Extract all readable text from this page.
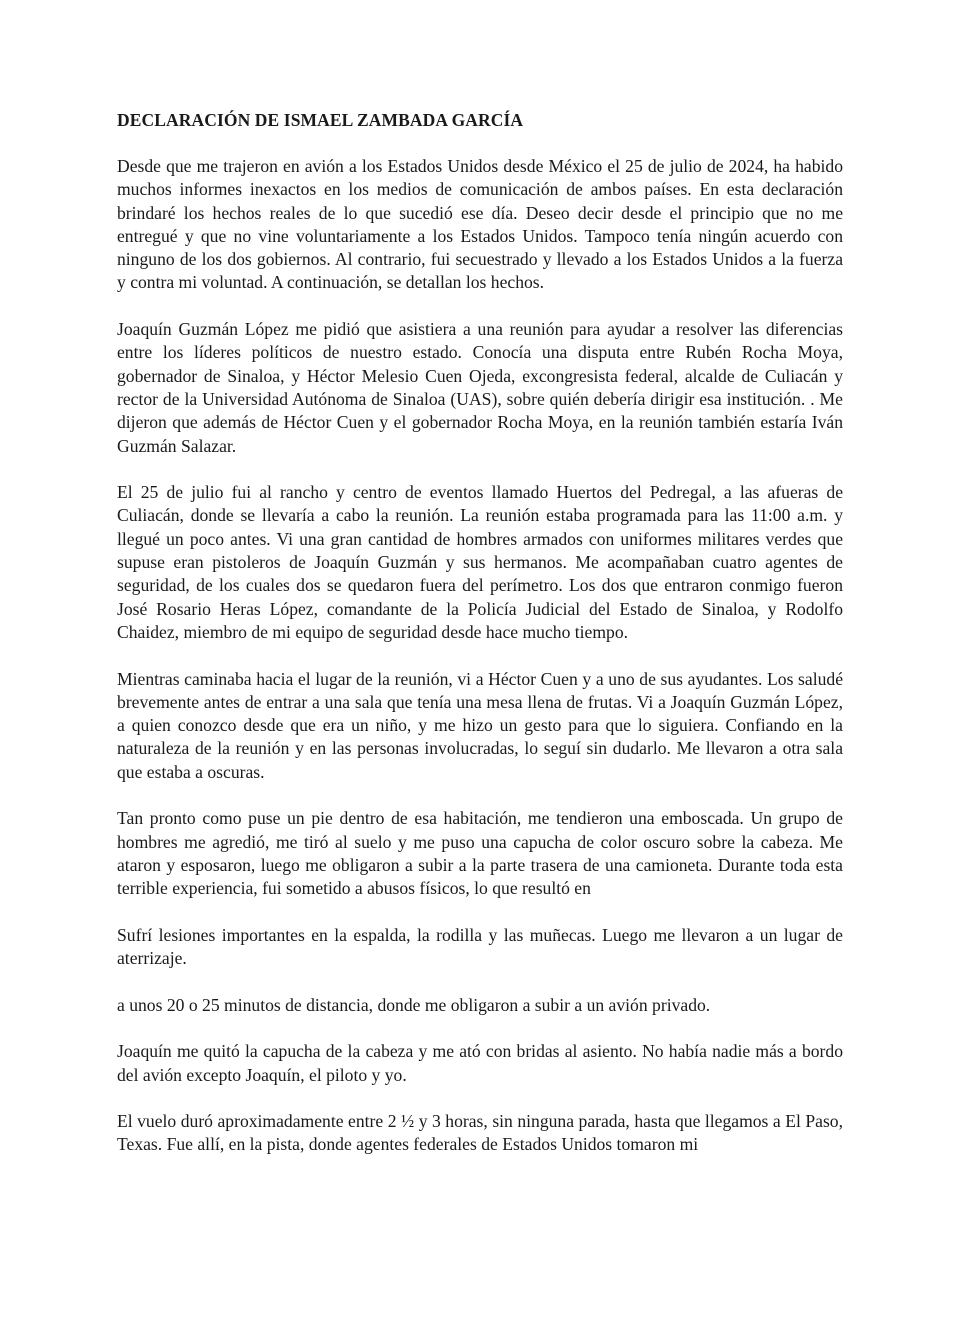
DECLARACIÓN DE ISMAEL ZAMBADA GARCÍA

Desde que me trajeron en avión a los Estados Unidos desde México el 25 de julio de 2024, ha habido muchos informes inexactos en los medios de comunicación de ambos países. En esta declaración brindaré los hechos reales de lo que sucedió ese día. Deseo decir desde el principio que no me entregué y que no vine voluntariamente a los Estados Unidos. Tampoco tenía ningún acuerdo con ninguno de los dos gobiernos. Al contrario, fui secuestrado y llevado a los Estados Unidos a la fuerza y contra mi voluntad. A continuación, se detallan los hechos.

Joaquín Guzmán López me pidió que asistiera a una reunión para ayudar a resolver las diferencias entre los líderes políticos de nuestro estado. Conocía una disputa entre Rubén Rocha Moya, gobernador de Sinaloa, y Héctor Melesio Cuen Ojeda, excongresista federal, alcalde de Culiacán y rector de la Universidad Autónoma de Sinaloa (UAS), sobre quién debería dirigir esa institución. . Me dijeron que además de Héctor Cuen y el gobernador Rocha Moya, en la reunión también estaría Iván Guzmán Salazar.

El 25 de julio fui al rancho y centro de eventos llamado Huertos del Pedregal, a las afueras de Culiacán, donde se llevaría a cabo la reunión. La reunión estaba programada para las 11:00 a.m. y llegué un poco antes. Vi una gran cantidad de hombres armados con uniformes militares verdes que supuse eran pistoleros de Joaquín Guzmán y sus hermanos. Me acompañaban cuatro agentes de seguridad, de los cuales dos se quedaron fuera del perímetro. Los dos que entraron conmigo fueron José Rosario Heras López, comandante de la Policía Judicial del Estado de Sinaloa, y Rodolfo Chaidez, miembro de mi equipo de seguridad desde hace mucho tiempo.

Mientras caminaba hacia el lugar de la reunión, vi a Héctor Cuen y a uno de sus ayudantes. Los saludé brevemente antes de entrar a una sala que tenía una mesa llena de frutas. Vi a Joaquín Guzmán López, a quien conozco desde que era un niño, y me hizo un gesto para que lo siguiera. Confiando en la naturaleza de la reunión y en las personas involucradas, lo seguí sin dudarlo. Me llevaron a otra sala que estaba a oscuras.

Tan pronto como puse un pie dentro de esa habitación, me tendieron una emboscada. Un grupo de hombres me agredió, me tiró al suelo y me puso una capucha de color oscuro sobre la cabeza. Me ataron y esposaron, luego me obligaron a subir a la parte trasera de una camioneta. Durante toda esta terrible experiencia, fui sometido a abusos físicos, lo que resultó en

Sufrí lesiones importantes en la espalda, la rodilla y las muñecas. Luego me llevaron a un lugar de aterrizaje.

a unos 20 o 25 minutos de distancia, donde me obligaron a subir a un avión privado.

Joaquín me quitó la capucha de la cabeza y me ató con bridas al asiento. No había nadie más a bordo del avión excepto Joaquín, el piloto y yo.

El vuelo duró aproximadamente entre 2 ½ y 3 horas, sin ninguna parada, hasta que llegamos a El Paso, Texas. Fue allí, en la pista, donde agentes federales de Estados Unidos tomaron mi
